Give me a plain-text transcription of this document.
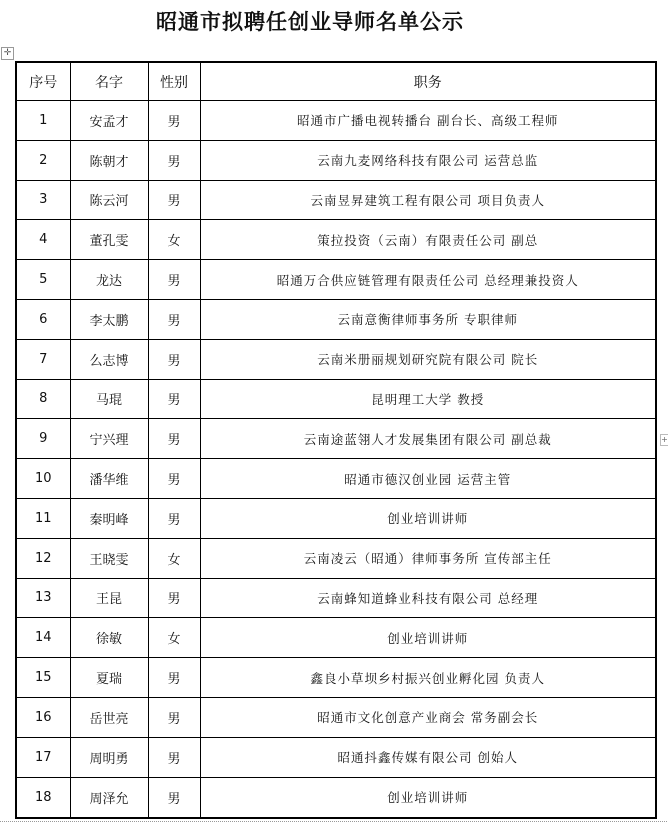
昭通市拟聘任创业导师名单公示
✛
+
序号	名字	性别	职务
1	安孟才	男	昭通市广播电视转播台 副台长、高级工程师
2	陈朝才	男	云南九麦网络科技有限公司 运营总监
3	陈云河	男	云南昱昇建筑工程有限公司 项目负责人
4	董孔雯	女	策拉投资（云南）有限责任公司 副总
5	龙达	男	昭通万合供应链管理有限责任公司 总经理兼投资人
6	李太鹏	男	云南意衡律师事务所 专职律师
7	么志博	男	云南米册丽规划研究院有限公司 院长
8	马琨	男	昆明理工大学 教授
9	宁兴理	男	云南途蓝翎人才发展集团有限公司 副总裁
10	潘华维	男	昭通市德汉创业园 运营主管
11	秦明峰	男	创业培训讲师
12	王晓雯	女	云南凌云（昭通）律师事务所 宣传部主任
13	王昆	男	云南蜂知道蜂业科技有限公司 总经理
14	徐敏	女	创业培训讲师
15	夏瑞	男	鑫良小草坝乡村振兴创业孵化园 负责人
16	岳世亮	男	昭通市文化创意产业商会 常务副会长
17	周明勇	男	昭通抖鑫传媒有限公司 创始人
18	周泽允	男	创业培训讲师
